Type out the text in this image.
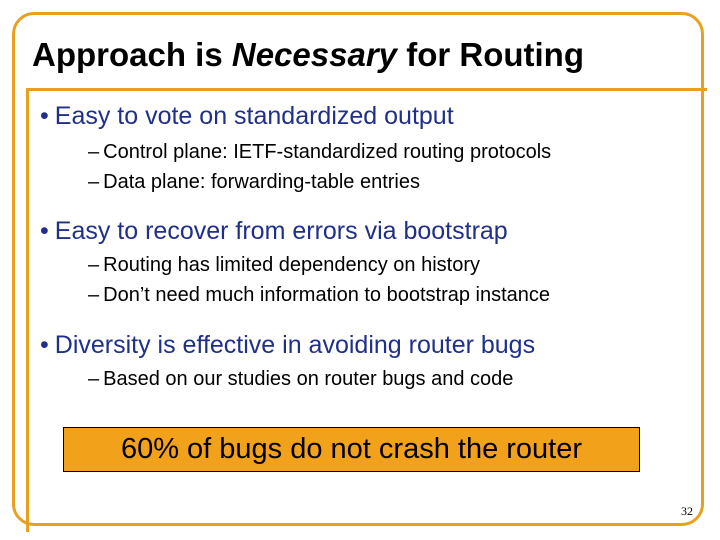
Approach is Necessary for Routing
• Easy to vote on standardized output
– Control plane: IETF-standardized routing protocols
– Data plane: forwarding-table entries
• Easy to recover from errors via bootstrap
– Routing has limited dependency on history
– Don’t need much information to bootstrap instance
• Diversity is effective in avoiding router bugs
– Based on our studies on router bugs and code
60% of bugs do not crash the router
32
